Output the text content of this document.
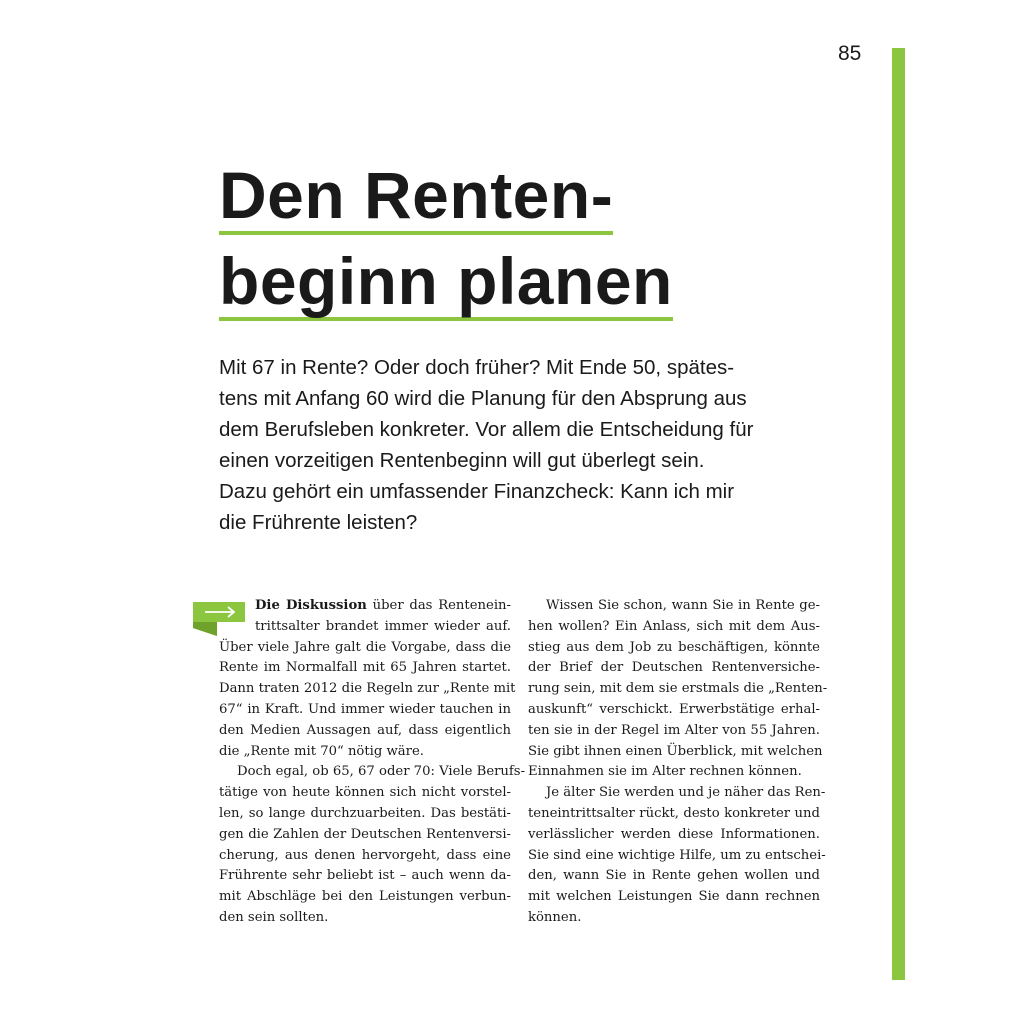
85
Den Renten-
beginn planen
Mit 67 in Rente? Oder doch früher? Mit Ende 50, spätes-
tens mit Anfang 60 wird die Planung für den Absprung aus
dem Berufsleben konkreter. Vor allem die Entscheidung für
einen vorzeitigen Rentenbeginn will gut überlegt sein.
Dazu gehört ein umfassender Finanzcheck: Kann ich mir
die Frührente leisten?
Die Diskussion über das Rentenein-
trittsalter brandet immer wieder auf.
Über viele Jahre galt die Vorgabe, dass die
Rente im Normalfall mit 65 Jahren startet.
Dann traten 2012 die Regeln zur „Rente mit
67“ in Kraft. Und immer wieder tauchen in
den Medien Aussagen auf, dass eigentlich
die „Rente mit 70“ nötig wäre.
Doch egal, ob 65, 67 oder 70: Viele Berufs-
tätige von heute können sich nicht vorstel-
len, so lange durchzuarbeiten. Das bestäti-
gen die Zahlen der Deutschen Rentenversi-
cherung, aus denen hervorgeht, dass eine
Frührente sehr beliebt ist – auch wenn da-
mit Abschläge bei den Leistungen verbun-
den sein sollten.
Wissen Sie schon, wann Sie in Rente ge-
hen wollen? Ein Anlass, sich mit dem Aus-
stieg aus dem Job zu beschäftigen, könnte
der Brief der Deutschen Rentenversiche-
rung sein, mit dem sie erstmals die „Renten-
auskunft“ verschickt. Erwerbstätige erhal-
ten sie in der Regel im Alter von 55 Jahren.
Sie gibt ihnen einen Überblick, mit welchen
Einnahmen sie im Alter rechnen können.
Je älter Sie werden und je näher das Ren-
teneintrittsalter rückt, desto konkreter und
verlässlicher werden diese Informationen.
Sie sind eine wichtige Hilfe, um zu entschei-
den, wann Sie in Rente gehen wollen und
mit welchen Leistungen Sie dann rechnen
können.
